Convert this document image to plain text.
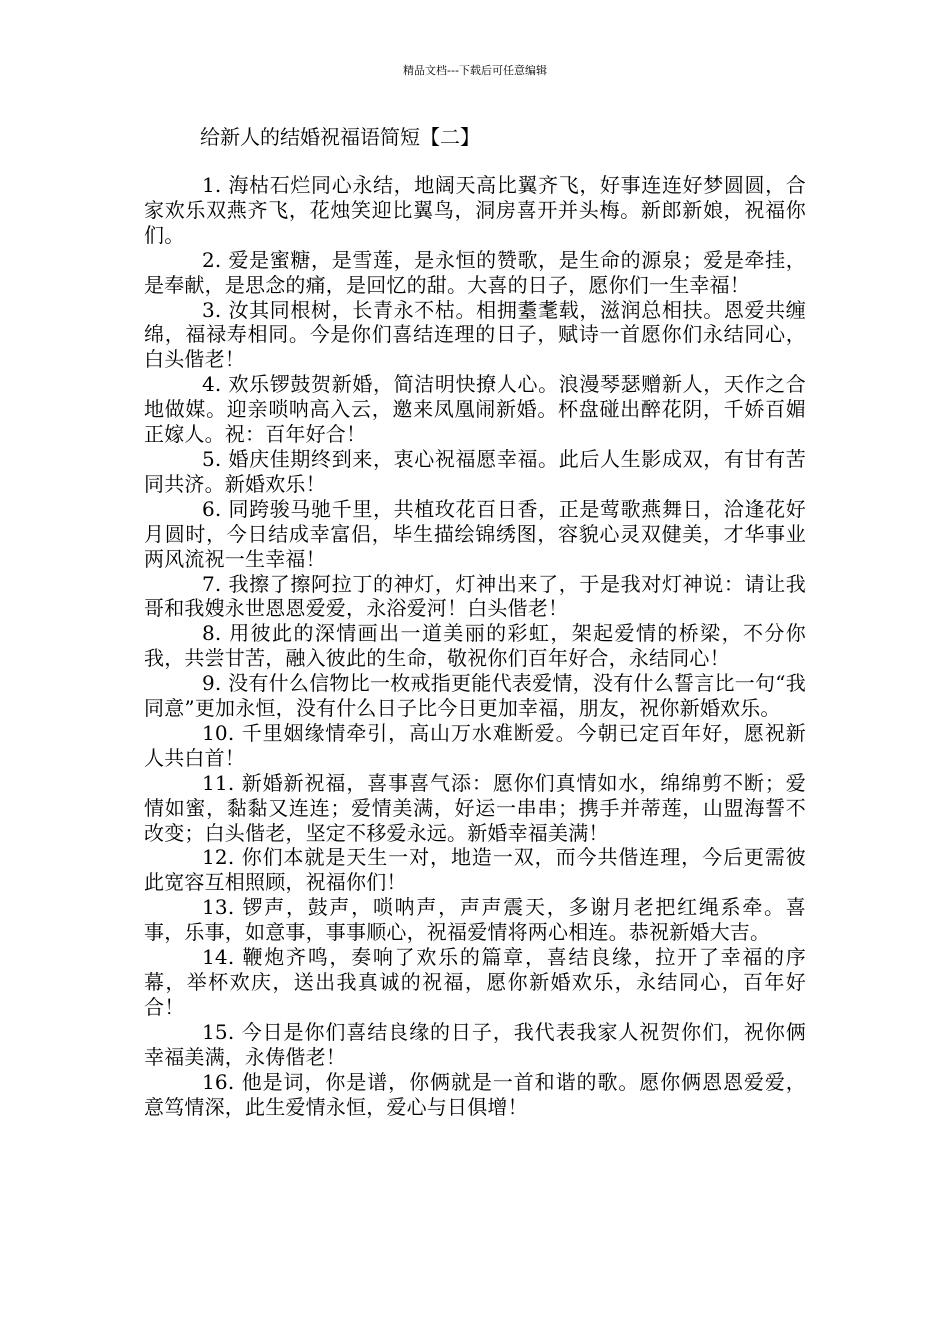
精品文档---下载后可任意编辑
给新人的结婚祝福语简短【二】

1. 海枯石烂同心永结，地阔天高比翼齐飞，好事连连好梦圆圆，合家欢乐双燕齐飞，花烛笑迎比翼鸟，洞房喜开并头梅。新郎新娘，祝福你们。

2. 爱是蜜糖，是雪莲，是永恒的赞歌，是生命的源泉；爱是牵挂，是奉献，是思念的痛，是回忆的甜。大喜的日子，愿你们一生幸福！

3. 汝其同根树，长青永不枯。相拥耋耄载，滋润总相扶。恩爱共缠绵，福禄寿相同。今是你们喜结连理的日子，赋诗一首愿你们永结同心，白头偕老！

4. 欢乐锣鼓贺新婚，简洁明快撩人心。浪漫琴瑟赠新人，天作之合地做媒。迎亲唢呐高入云，邀来凤凰闹新婚。杯盘碰出醉花阴，千娇百媚正嫁人。祝：百年好合！

5. 婚庆佳期终到来，衷心祝福愿幸福。此后人生影成双，有甘有苦同共济。新婚欢乐！

6. 同跨骏马驰千里，共植玫花百日香，正是莺歌燕舞日，洽逢花好月圆时，今日结成幸富侣，毕生描绘锦绣图，容貌心灵双健美，才华事业两风流祝一生幸福！

7. 我擦了擦阿拉丁的神灯，灯神出来了，于是我对灯神说：请让我哥和我嫂永世恩恩爱爱，永浴爱河！白头偕老！

8. 用彼此的深情画出一道美丽的彩虹，架起爱情的桥梁，不分你我，共尝甘苦，融入彼此的生命，敬祝你们百年好合，永结同心！

9. 没有什么信物比一枚戒指更能代表爱情，没有什么誓言比一句“我同意”更加永恒，没有什么日子比今日更加幸福，朋友，祝你新婚欢乐。

10. 千里姻缘情牵引，高山万水难断爱。今朝已定百年好，愿祝新人共白首！

11. 新婚新祝福，喜事喜气添：愿你们真情如水，绵绵剪不断；爱情如蜜，黏黏又连连；爱情美满，好运一串串；携手并蒂莲，山盟海誓不改变；白头偕老，坚定不移爱永远。新婚幸福美满！

12. 你们本就是天生一对，地造一双，而今共偕连理，今后更需彼此宽容互相照顾，祝福你们！

13. 锣声，鼓声，唢呐声，声声震天，多谢月老把红绳系牵。喜事，乐事，如意事，事事顺心，祝福爱情将两心相连。恭祝新婚大吉。

14. 鞭炮齐鸣，奏响了欢乐的篇章，喜结良缘，拉开了幸福的序幕，举杯欢庆，送出我真诚的祝福，愿你新婚欢乐，永结同心，百年好合！

15. 今日是你们喜结良缘的日子，我代表我家人祝贺你们，祝你俩幸福美满，永俦偕老！

16. 他是词，你是谱，你俩就是一首和谐的歌。愿你俩恩恩爱爱，意笃情深，此生爱情永恒，爱心与日俱增！
